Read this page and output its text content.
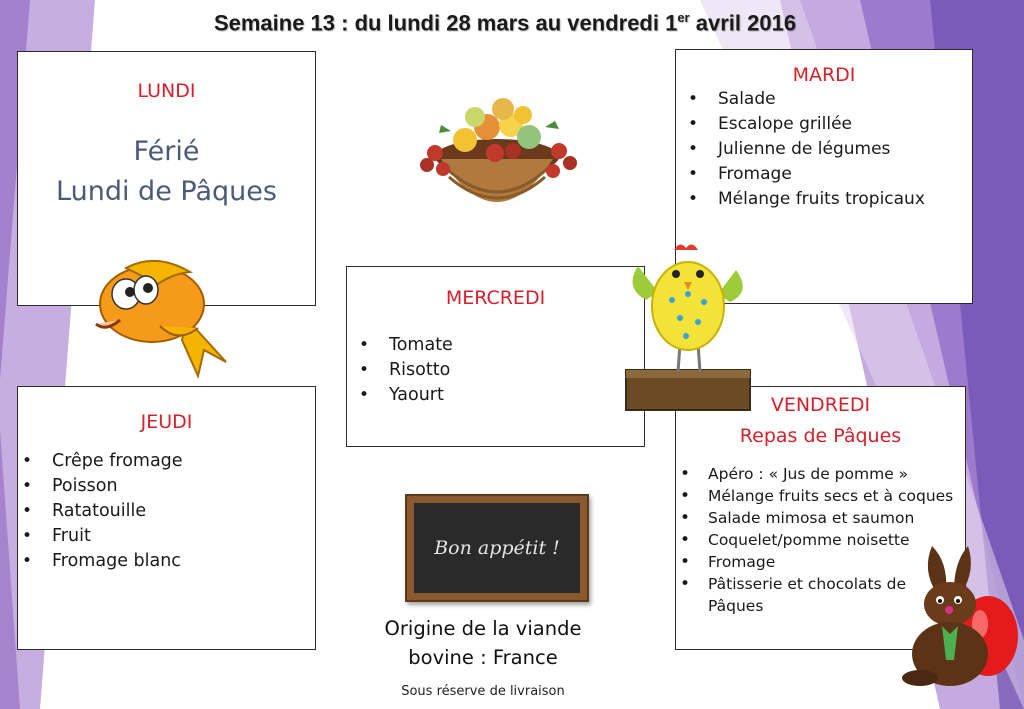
Semaine 13 : du lundi 28 mars au vendredi 1er avril 2016
LUNDI
Férié
Lundi de Pâques
MARDI
• Salade
• Escalope grillée
• Julienne de légumes
• Fromage
• Mélange fruits tropicaux
MERCREDI
• Tomate
• Risotto
• Yaourt
JEUDI
• Crêpe fromage
• Poisson
• Ratatouille
• Fruit
• Fromage blanc
VENDREDI
Repas de Pâques
• Apéro : « Jus de pomme »
• Mélange fruits secs et à coques
• Salade mimosa et saumon
• Coquelet/pomme noisette
• Fromage
• Pâtisserie et chocolats de Pâques
Bon appétit !
Origine de la viande
bovine : France
Sous réserve de livraison
